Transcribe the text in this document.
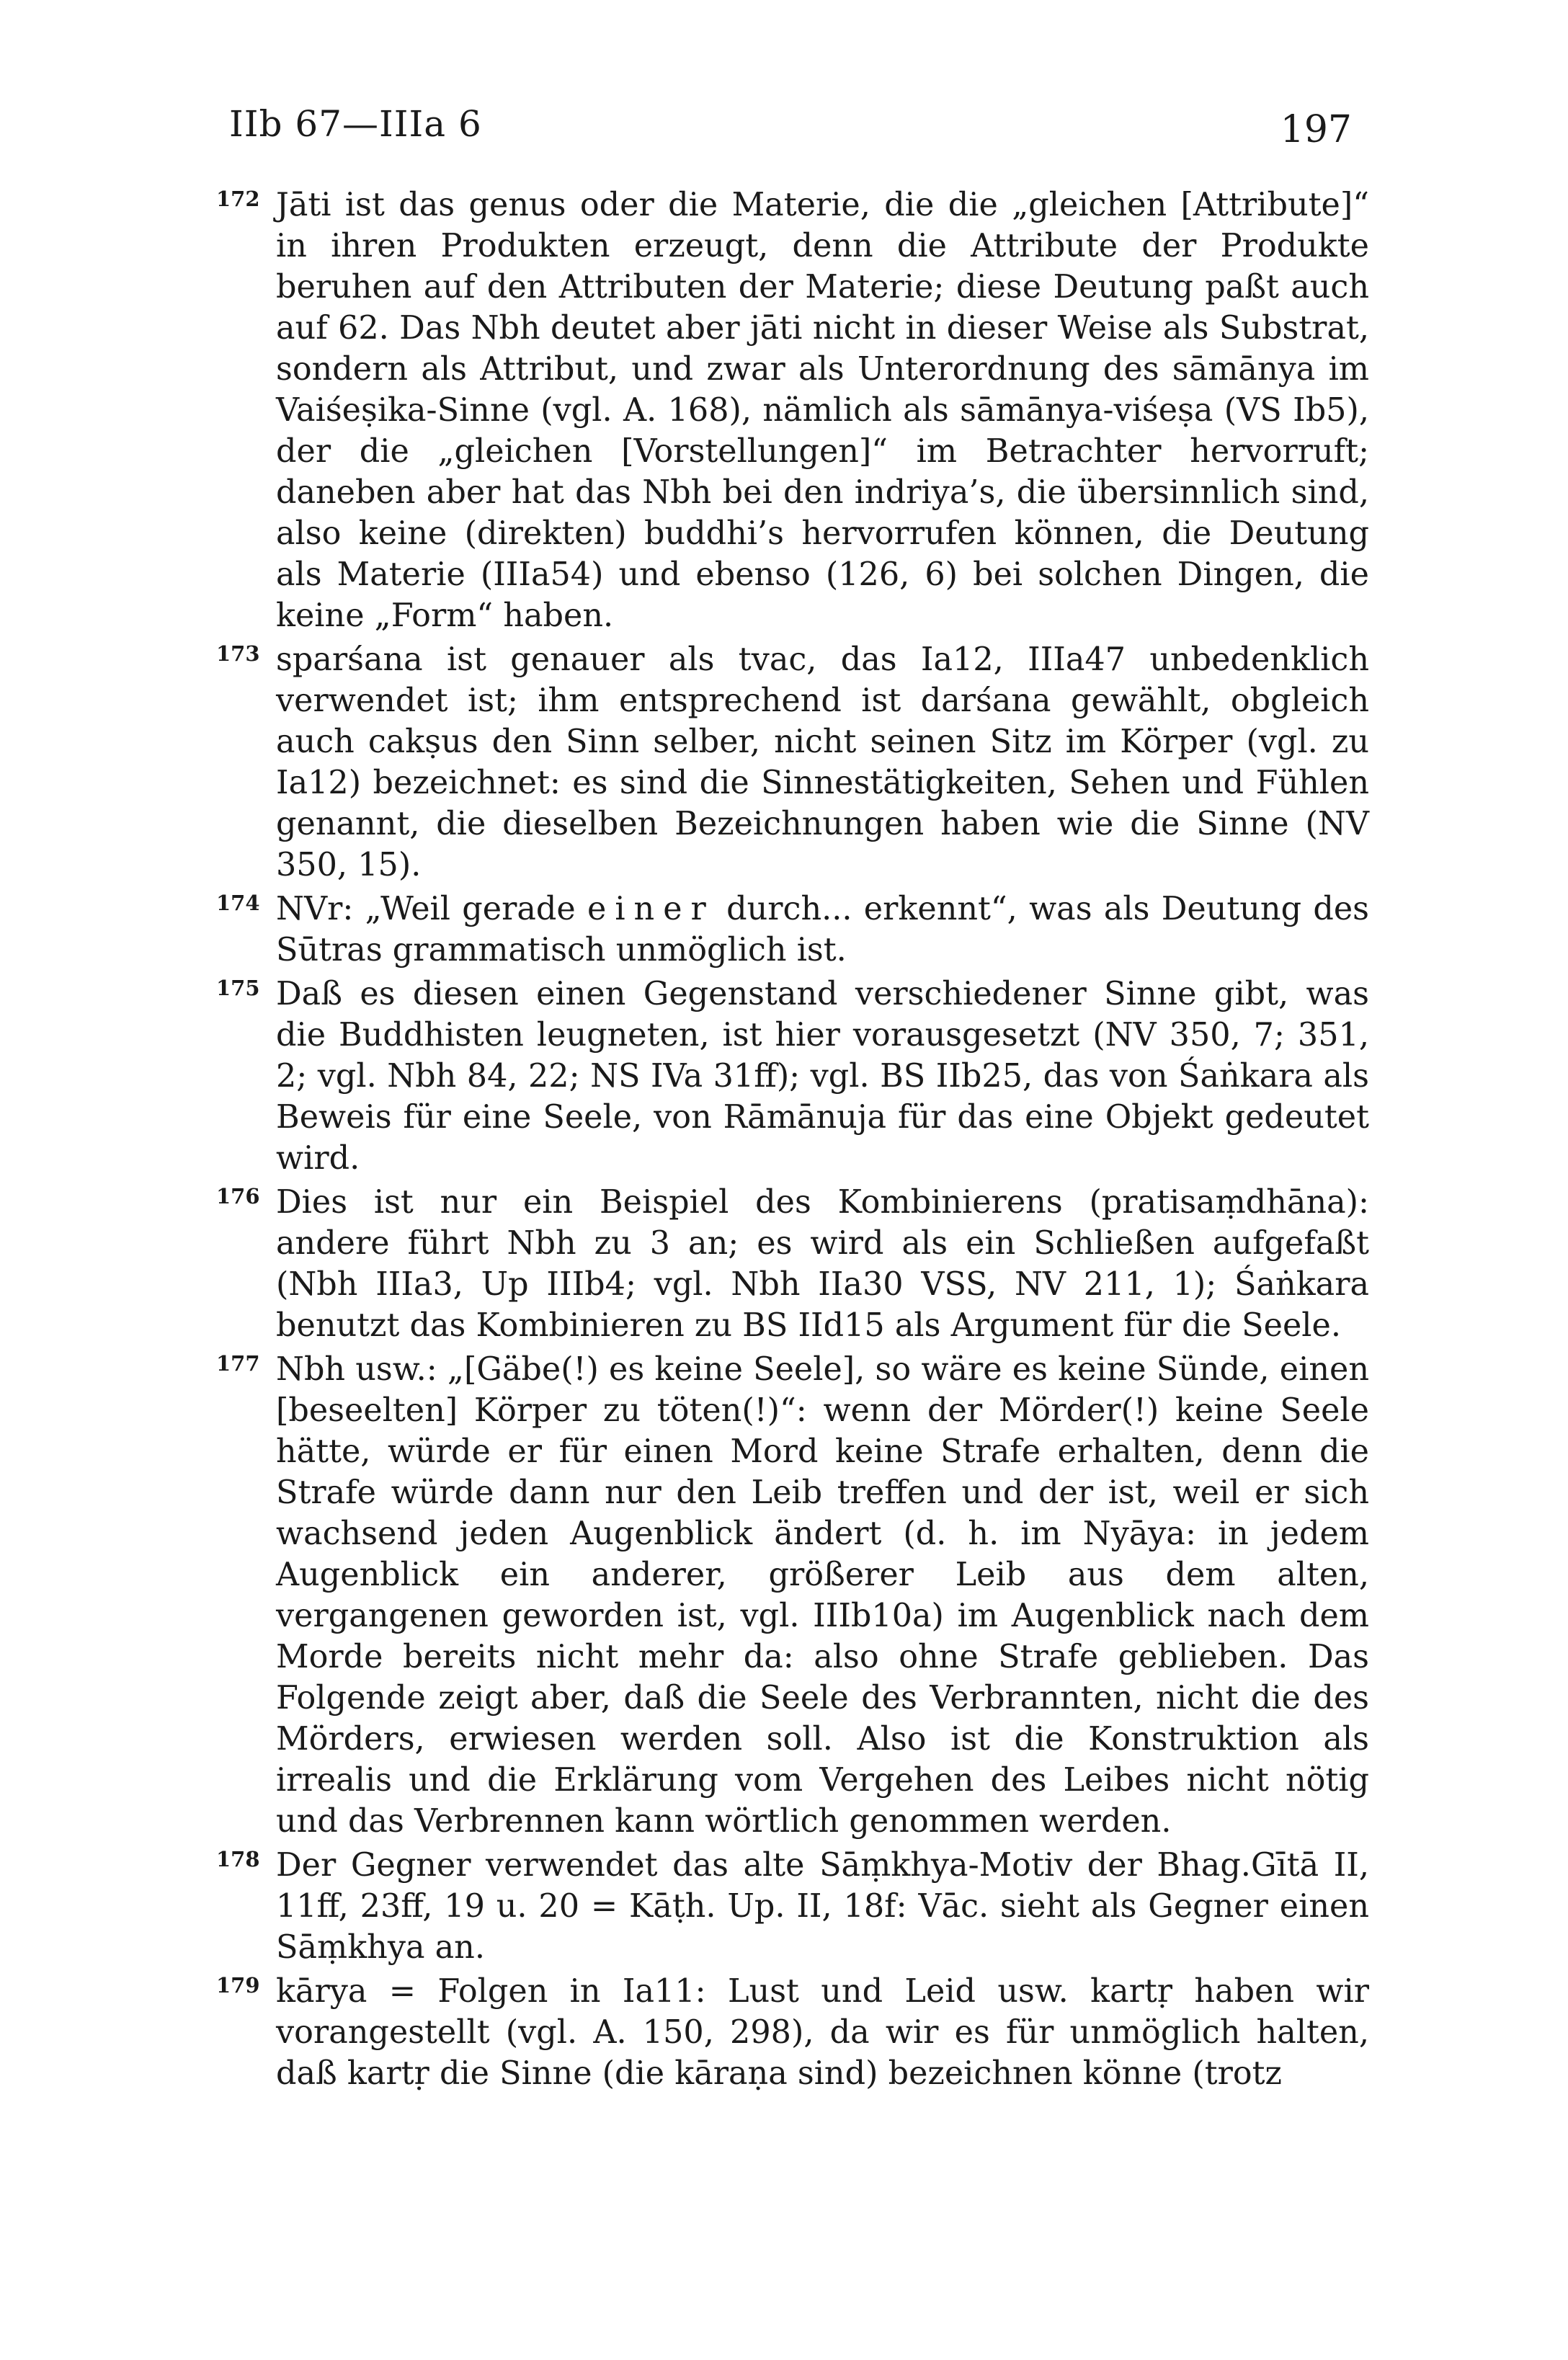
IIb 67—IIIa 6	197
172 Jāti ist das genus oder die Materie, die die „gleichen [Attribute]“ in ihren Produkten erzeugt, denn die Attribute der Produkte beruhen auf den Attributen der Materie; diese Deutung paßt auch auf 62. Das Nbh deutet aber jāti nicht in dieser Weise als Substrat, sondern als Attribut, und zwar als Unterordnung des sāmānya im Vaiśeṣika-Sinne (vgl. A. 168), nämlich als sāmānya-viśeṣa (VS Ib5), der die „gleichen [Vorstellungen]“ im Betrachter hervorruft; daneben aber hat das Nbh bei den indriya’s, die übersinnlich sind, also keine (direkten) buddhi’s hervorrufen können, die Deutung als Materie (IIIa54) und ebenso (126, 6) bei solchen Dingen, die keine „Form“ haben.
173 sparśana ist genauer als tvac, das Ia12, IIIa47 unbedenklich verwendet ist; ihm entsprechend ist darśana gewählt, obgleich auch cakṣus den Sinn selber, nicht seinen Sitz im Körper (vgl. zu Ia12) bezeichnet: es sind die Sinnestätigkeiten, Sehen und Fühlen genannt, die dieselben Bezeichnungen haben wie die Sinne (NV 350, 15).
174 NVr: „Weil gerade einer durch... erkennt“, was als Deutung des Sūtras grammatisch unmöglich ist.
175 Daß es diesen einen Gegenstand verschiedener Sinne gibt, was die Buddhisten leugneten, ist hier vorausgesetzt (NV 350, 7; 351, 2; vgl. Nbh 84, 22; NS IVa 31ff); vgl. BS IIb25, das von Śaṅkara als Beweis für eine Seele, von Rāmānuja für das eine Objekt gedeutet wird.
176 Dies ist nur ein Beispiel des Kombinierens (pratisaṃdhāna): andere führt Nbh zu 3 an; es wird als ein Schließen aufgefaßt (Nbh IIIa3, Up IIIb4; vgl. Nbh IIa30 VSS, NV 211, 1); Śaṅkara benutzt das Kombinieren zu BS IId15 als Argument für die Seele.
177 Nbh usw.: „[Gäbe(!) es keine Seele], so wäre es keine Sünde, einen [beseelten] Körper zu töten(!)“: wenn der Mörder(!) keine Seele hätte, würde er für einen Mord keine Strafe erhalten, denn die Strafe würde dann nur den Leib treffen und der ist, weil er sich wachsend jeden Augenblick ändert (d. h. im Nyāya: in jedem Augenblick ein anderer, größerer Leib aus dem alten, vergangenen geworden ist, vgl. IIIb10a) im Augenblick nach dem Morde bereits nicht mehr da: also ohne Strafe geblieben. Das Folgende zeigt aber, daß die Seele des Verbrannten, nicht die des Mörders, erwiesen werden soll. Also ist die Konstruktion als irrealis und die Erklärung vom Vergehen des Leibes nicht nötig und das Verbrennen kann wörtlich genommen werden.
178 Der Gegner verwendet das alte Sāṃkhya-Motiv der Bhag.Gītā II, 11ff, 23ff, 19 u. 20 = Kāṭh. Up. II, 18f: Vāc. sieht als Gegner einen Sāṃkhya an.
179 kārya = Folgen in Ia11: Lust und Leid usw. kartṛ haben wir vorangestellt (vgl. A. 150, 298), da wir es für unmöglich halten, daß kartṛ die Sinne (die kāraṇa sind) bezeichnen könne (trotz
